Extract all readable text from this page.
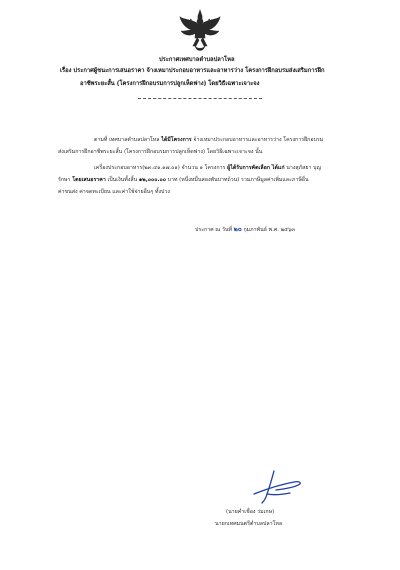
ประกาศเทศบาลตำบลปลาโหล
เรื่อง ประกาศผู้ชนะการเสนอราคา จ้างเหมาประกอบอาหารและอาหารว่าง โครงการฝึกอบรมส่งเสริมการฝึก
อาชีพระยะสั้น (โครงการฝึกอบรมการปลูกเห็ดฟาง) โดยวิธีเฉพาะเจาะจง
ตามที่ เทศบาลตำบลปลาโหล ได้มีโครงการ จ้างเหมาประกอบอาหารและอาหารว่าง โครงการฝึกอบรม
ส่งเสริมการฝึกอาชีพระยะสั้น (โครงการฝึกอบรมการปลูกเห็ดฟาง) โดยวิธีเฉพาะเจาะจง นั้น
เครื่องประกอบอาหาร(๒๓.๔๑.๑๗.๐๑) จำนวน ๑ โครงการ ผู้ได้รับการคัดเลือก ได้แก่ นางสุภัสยา บุญ
รักษา โดยเสนอราคา เป็นเงินทั้งสิ้น ๑๒,๐๐๐.๐๐ บาท (หนึ่งหมื่นสองพันบาทถ้วน) รวมภาษีมูลค่าเพิ่มและภาษีอื่น
ค่าขนส่ง ค่าจดทะเบียน และค่าใช้จ่ายอื่นๆ ทั้งปวง
ประกาศ ณ วันที่ ๒๐ กุมภาพันธ์ พ.ศ. ๒๕๖๓
(นายคำเชื่อง ว่มเกษ)
นายกเทศมนตรีตำบลปลาโหล
